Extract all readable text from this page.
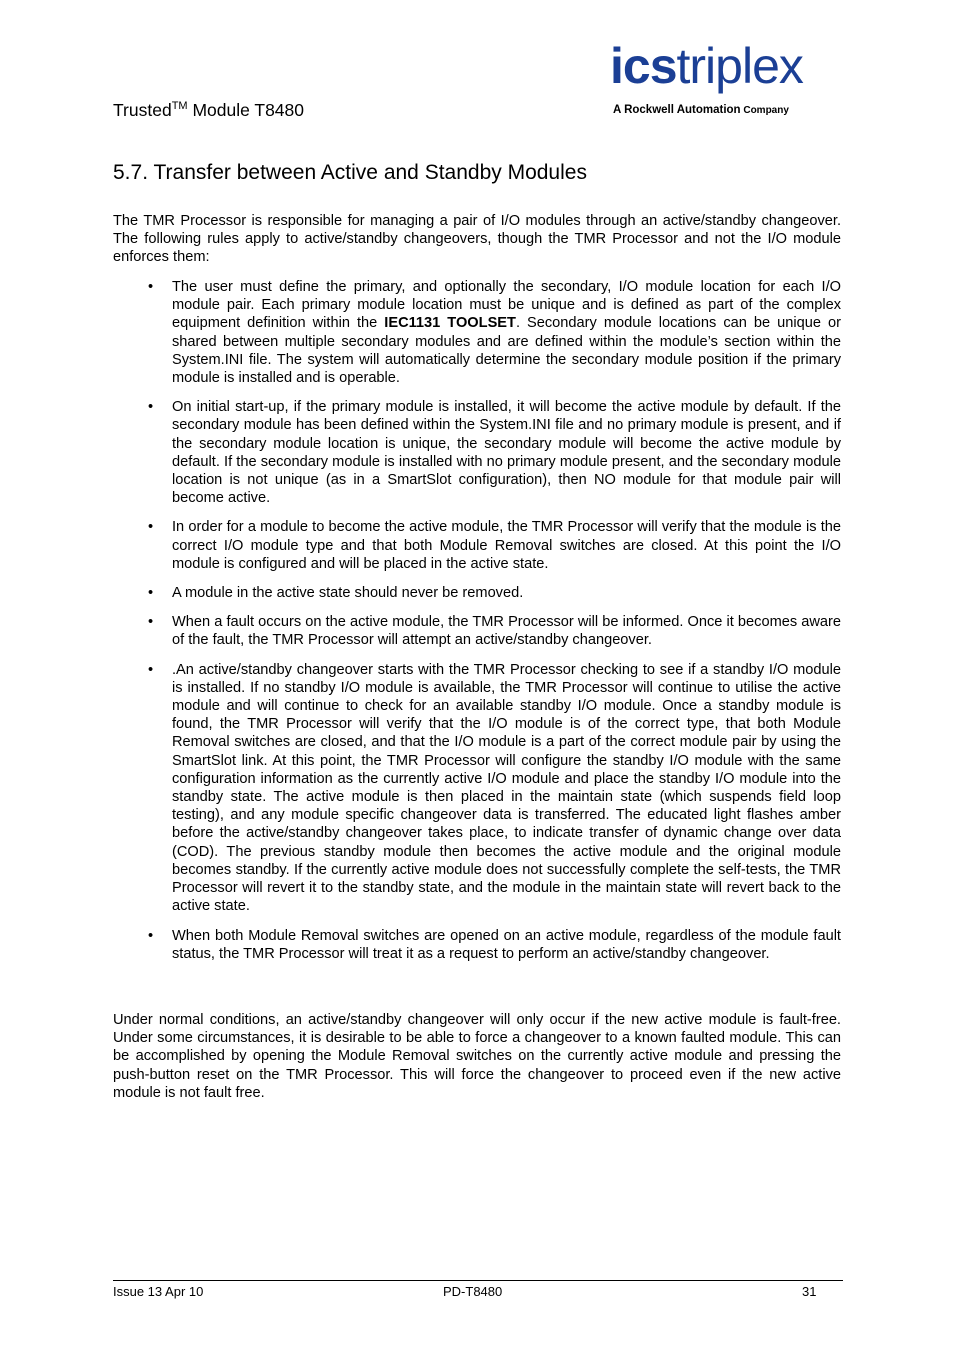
Trusted™ Module T8480
icstriplex
A Rockwell Automation Company
5.7. Transfer between Active and Standby Modules

The TMR Processor is responsible for managing a pair of I/O modules through an active/standby changeover. The following rules apply to active/standby changeovers, though the TMR Processor and not the I/O module enforces them:

• The user must define the primary, and optionally the secondary, I/O module location for each I/O module pair. Each primary module location must be unique and is defined as part of the complex equipment definition within the IEC1131 TOOLSET. Secondary module locations can be unique or shared between multiple secondary modules and are defined within the module’s section within the System.INI file. The system will automatically determine the secondary module position if the primary module is installed and is operable.
• On initial start-up, if the primary module is installed, it will become the active module by default. If the secondary module has been defined within the System.INI file and no primary module is present, and if the secondary module location is unique, the secondary module will become the active module by default. If the secondary module is installed with no primary module present, and the secondary module location is not unique (as in a SmartSlot configuration), then NO module for that module pair will become active.
• In order for a module to become the active module, the TMR Processor will verify that the module is the correct I/O module type and that both Module Removal switches are closed. At this point the I/O module is configured and will be placed in the active state.
• A module in the active state should never be removed.
• When a fault occurs on the active module, the TMR Processor will be informed. Once it becomes aware of the fault, the TMR Processor will attempt an active/standby changeover.
• .An active/standby changeover starts with the TMR Processor checking to see if a standby I/O module is installed. If no standby I/O module is available, the TMR Processor will continue to utilise the active module and will continue to check for an available standby I/O module. Once a standby module is found, the TMR Processor will verify that the I/O module is of the correct type, that both Module Removal switches are closed, and that the I/O module is a part of the correct module pair by using the SmartSlot link. At this point, the TMR Processor will configure the standby I/O module with the same configuration information as the currently active I/O module and place the standby I/O module into the standby state. The active module is then placed in the maintain state (which suspends field loop testing), and any module specific changeover data is transferred. The educated light flashes amber before the active/standby changeover takes place, to indicate transfer of dynamic change over data (COD). The previous standby module then becomes the active module and the original module becomes standby. If the currently active module does not successfully complete the self-tests, the TMR Processor will revert it to the standby state, and the module in the maintain state will revert back to the active state.
• When both Module Removal switches are opened on an active module, regardless of the module fault status, the TMR Processor will treat it as a request to perform an active/standby changeover.

Under normal conditions, an active/standby changeover will only occur if the new active module is fault-free. Under some circumstances, it is desirable to be able to force a changeover to a known faulted module. This can be accomplished by opening the Module Removal switches on the currently active module and pressing the push-button reset on the TMR Processor. This will force the changeover to proceed even if the new active module is not fault free.

Issue 13 Apr 10	PD-T8480	31
